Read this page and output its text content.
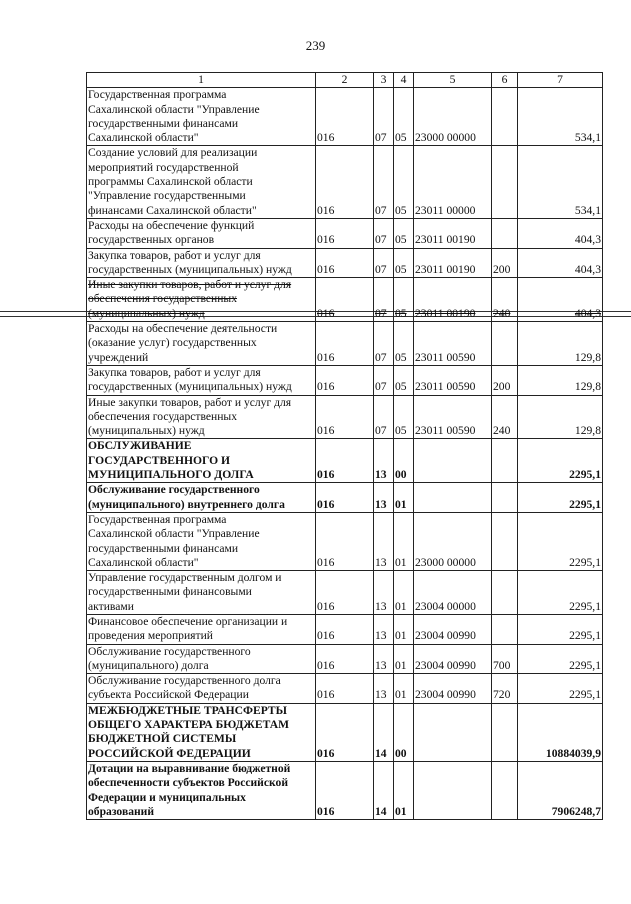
239
1	2	3	4	5	6	7
Государственная программа
Сахалинской области "Управление
государственными финансами
Сахалинской области"	016	07	05	23000 00000		534,1
Создание условий для реализации
мероприятий государственной
программы Сахалинской области
"Управление государственными
финансами Сахалинской области"	016	07	05	23011 00000		534,1
Расходы на обеспечение функций
государственных органов	016	07	05	23011 00190		404,3
Закупка товаров, работ и услуг для
государственных (муниципальных) нужд	016	07	05	23011 00190	200	404,3
Иные закупки товаров, работ и услуг для
обеспечения государственных
(муниципальных) нужд	016	07	05	23011 00190	240	404,3
Расходы на обеспечение деятельности
(оказание услуг) государственных
учреждений	016	07	05	23011 00590		129,8
Закупка товаров, работ и услуг для
государственных (муниципальных) нужд	016	07	05	23011 00590	200	129,8
Иные закупки товаров, работ и услуг для
обеспечения государственных
(муниципальных) нужд	016	07	05	23011 00590	240	129,8
ОБСЛУЖИВАНИЕ
ГОСУДАРСТВЕННОГО И
МУНИЦИПАЛЬНОГО ДОЛГА	016	13	00			2295,1
Обслуживание государственного
(муниципального) внутреннего долга	016	13	01			2295,1
Государственная программа
Сахалинской области "Управление
государственными финансами
Сахалинской области"	016	13	01	23000 00000		2295,1
Управление государственным долгом и
государственными финансовыми
активами	016	13	01	23004 00000		2295,1
Финансовое обеспечение организации и
проведения мероприятий	016	13	01	23004 00990		2295,1
Обслуживание государственного
(муниципального) долга	016	13	01	23004 00990	700	2295,1
Обслуживание государственного долга
субъекта Российской Федерации	016	13	01	23004 00990	720	2295,1
МЕЖБЮДЖЕТНЫЕ ТРАНСФЕРТЫ
ОБЩЕГО ХАРАКТЕРА БЮДЖЕТАМ
БЮДЖЕТНОЙ СИСТЕМЫ
РОССИЙСКОЙ ФЕДЕРАЦИИ	016	14	00			10884039,9
Дотации на выравнивание бюджетной
обеспеченности субъектов Российской
Федерации и муниципальных
образований	016	14	01			7906248,7
